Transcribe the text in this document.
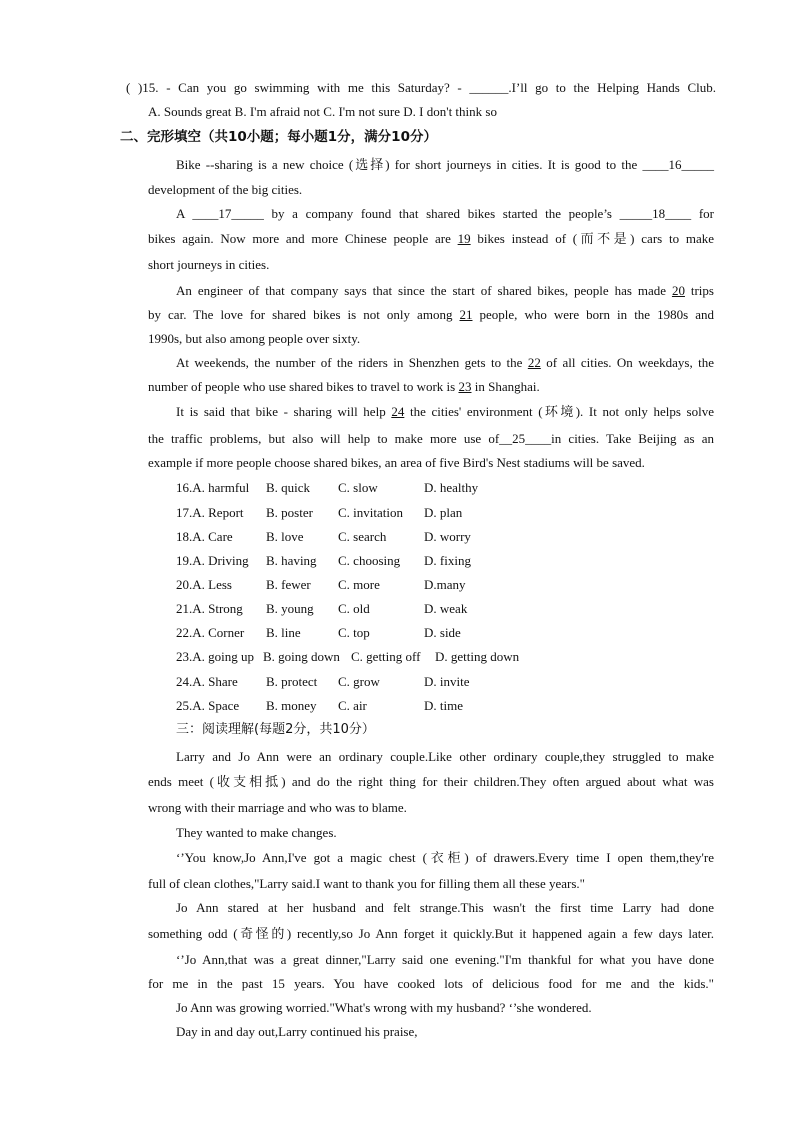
( )15. - Can you go swimming with me this Saturday? - ______.I’ll go to the Helping Hands Club.
A. Sounds great B. I'm afraid not C. I'm not sure D. I don't think so
二、完形填空（共10小题；每小题1分，满分10分）
Bike --sharing is a new choice (选择) for short journeys in cities. It is good to the ____16_____
development of the big cities.
A ____17_____ by a company found that shared bikes started the people’s _____18____ for
bikes again. Now more and more Chinese people are 19 bikes instead of (而不是) cars to make
short journeys in cities.
An engineer of that company says that since the start of shared bikes, people has made 20 trips
by car. The love for shared bikes is not only among 21 people, who were born in the 1980s and
1990s, but also among people over sixty.
At weekends, the number of the riders in Shenzhen gets to the 22 of all cities. On weekdays, the
number of people who use shared bikes to travel to work is 23 in Shanghai.
It is said that bike - sharing will help 24 the cities' environment (环境). It not only helps solve
the traffic problems, but also will help to make more use of__25____in cities. Take Beijing as an
example if more people choose shared bikes, an area of five Bird's Nest stadiums will be saved.
16.A. harmful B. quick C. slow	D. healthy
17.A. Report B. poster C. invitation D. plan
18.A. Care	B. love	C. search	D. worry
19.A. Driving B. having C. choosing D. fixing
20.A. Less	B. fewer C. more	D.many
21.A. Strong B. young C. old	D. weak
22.A. Corner B. line	C. top	D. side
23.A. going up B. going down C. getting off D. getting down
24.A. Share B. protect C. grow	D. invite
25.A. Space B. money C. air	D. time
三：阅读理解(每题2分，共10分）
Larry and Jo Ann were an ordinary couple.Like other ordinary couple,they struggled to make
ends meet (收支相抵) and do the right thing for their children.They often argued about what was
wrong with their marriage and who was to blame.
They wanted to make changes.
‘’You know,Jo Ann,I've got a magic chest (衣柜) of drawers.Every time I open them,they're
full of clean clothes,"Larry said.I want to thank you for filling them all these years."
Jo Ann stared at her husband and felt strange.This wasn't the first time Larry had done
something odd (奇怪的) recently,so Jo Ann forget it quickly.But it happened again a few days later.
‘’Jo Ann,that was a great dinner,"Larry said one evening."I'm thankful for what you have done
for me in the past 15 years. You have cooked lots of delicious food for me and the kids."
Jo Ann was growing worried."What's wrong with my husband? ‘’she wondered.
Day in and day out,Larry continued his praise,
